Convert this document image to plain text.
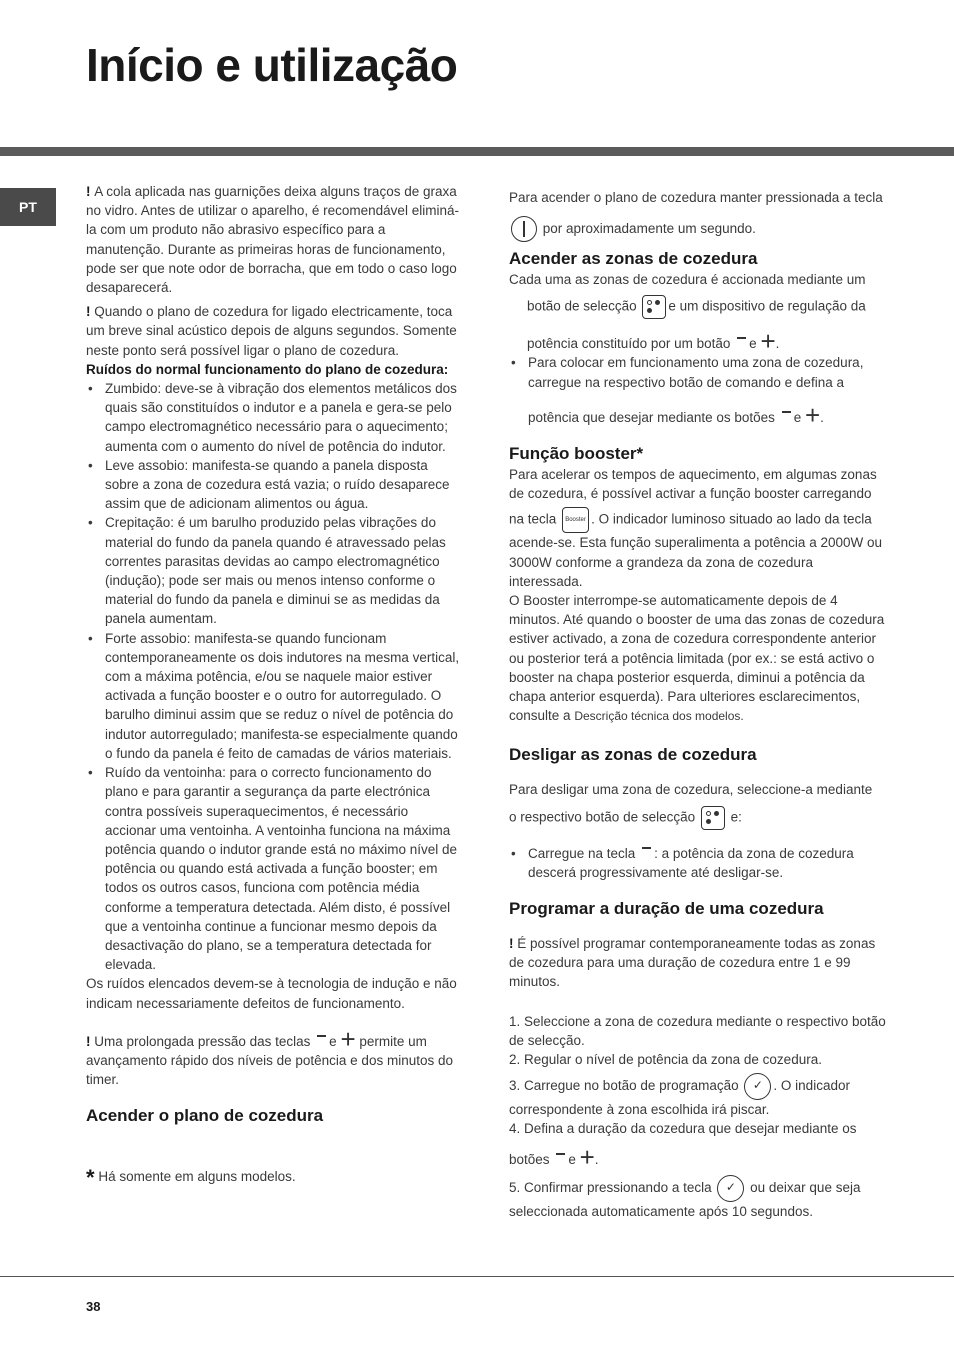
Início e utilização
PT

! A cola aplicada nas guarnições deixa alguns traços de graxa no vidro. Antes de utilizar o aparelho, é recomendável eliminá-la com um produto não abrasivo específico para a manutenção. Durante as primeiras horas de funcionamento, pode ser que note odor de borracha, que em todo o caso logo desaparecerá.

! Quando o plano de cozedura for ligado electricamente, toca um breve sinal acústico depois de alguns segundos. Somente neste ponto será possível ligar o plano de cozedura.

Ruídos do normal funcionamento do plano de cozedura:

• Zumbido: deve-se à vibração dos elementos metálicos dos quais são constituídos o indutor e a panela e gera-se pelo campo electromagnético necessário para o aquecimento; aumenta com o aumento do nível de potência do indutor.
• Leve assobio: manifesta-se quando a panela disposta sobre a zona de cozedura está vazia; o ruído desaparece assim que de adicionam alimentos ou água.
• Crepitação: é um barulho produzido pelas vibrações do material do fundo da panela quando é atravessado pelas correntes parasitas devidas ao campo electromagnético (indução); pode ser mais ou menos intenso conforme o material do fundo da panela e diminui se as medidas da panela aumentam.
• Forte assobio: manifesta-se quando funcionam contemporaneamente os dois indutores na mesma vertical, com a máxima potência, e/ou se naquele maior estiver activada a função booster e o outro for autorregulado. O barulho diminui assim que se reduz o nível de potência do indutor autorregulado; manifesta-se especialmente quando o fundo da panela é feito de camadas de vários materiais.
• Ruído da ventoinha: para o correcto funcionamento do plano e para garantir a segurança da parte electrónica contra possíveis superaquecimentos, é necessário accionar uma ventoinha. A ventoinha funciona na máxima potência quando o indutor grande está no máximo nível de potência ou quando está activada a função booster; em todos os outros casos, funciona com potência média conforme a temperatura detectada. Além disto, é possível que a ventoinha continue a funcionar mesmo depois da desactivação do plano, se a temperatura detectada for elevada.

Os ruídos elencados devem-se à tecnologia de indução e não indicam necessariamente defeitos de funcionamento.

! Uma prolongada pressão das teclas e + permite um avançamento rápido dos níveis de potência e dos minutos do timer.

Acender o plano de cozedura

* Há somente em alguns modelos.

Para acender o plano de cozedura manter pressionada a tecla  por aproximadamente um segundo.

Acender as zonas de cozedura

Cada uma as zonas de cozedura é accionada mediante um

botão de selecção e um dispositivo de regulação da

potência constituído por um botão e +.

• Para colocar em funcionamento uma zona de cozedura, carregue na respectivo botão de comando e defina a
potência que desejar mediante os botões e +.
Função booster*

Para acelerar os tempos de aquecimento, em algumas zonas de cozedura, é possível activar a função booster carregando

na tecla Booster . O indicador luminoso situado ao lado da tecla acende-se. Esta função superalimenta a potência a 2000W ou 3000W conforme a grandeza da zona de cozedura interessada.

O Booster interrompe-se automaticamente depois de 4 minutos. Até quando o booster de uma das zonas de cozedura estiver activado, a zona de cozedura correspondente anterior ou posterior terá a potência limitada (por ex.: se está activo o booster na chapa posterior esquerda, diminui a potência da chapa anterior esquerda). Para ulteriores esclarecimentos, consulte a Descrição técnica dos modelos.

Desligar as zonas de cozedura

Para desligar uma zona de cozedura, seleccione-a mediante

o respectivo botão de selecção	e:

• Carregue na tecla : a potência da zona de cozedura descerá progressivamente até desligar-se.
Programar a duração de uma cozedura

! É possível programar contemporaneamente todas as zonas de cozedura para uma duração de cozedura entre 1 e 99 minutos.

1. Seleccione a zona de cozedura mediante o respectivo botão de selecção.

2. Regular o nível de potência da zona de cozedura.

3. Carregue no botão de programação ✓ . O indicador correspondente à zona escolhida irá piscar.

4. Defina a duração da cozedura que desejar mediante os

botões e +.

5. Confirmar pressionando a tecla ✓ ou deixar que seja seleccionada automaticamente após 10 segundos.

38
